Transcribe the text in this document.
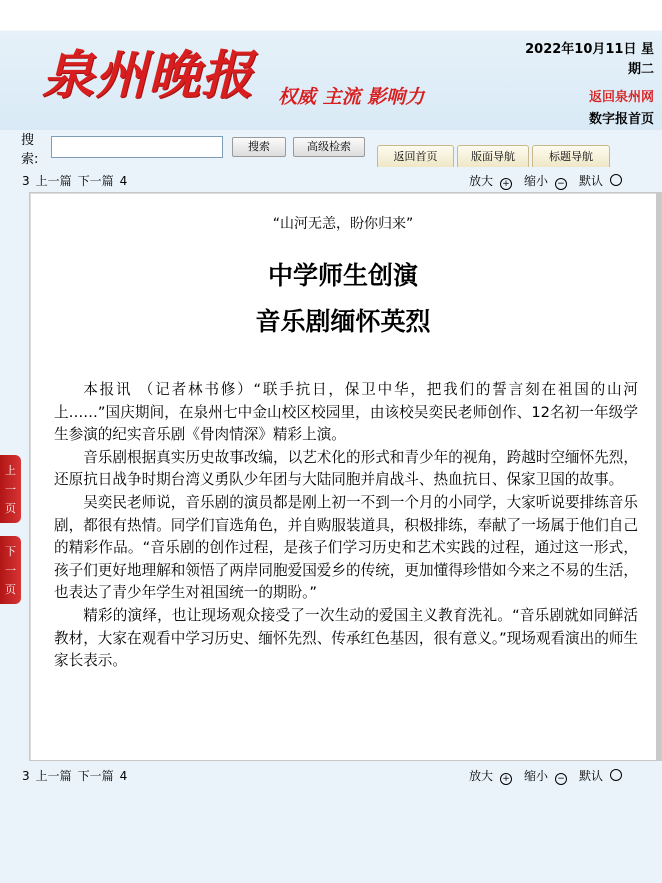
泉州晚报 权威 主流 影响力
2022年10月11日 星期二
返回泉州网
数字报首页
搜索:
搜索	高级检索
返回首页	版面导航	标题导航
3 上一篇 下一篇 4	放大 + 缩小 − 默认
“山河无恙，盼你归来”
中学师生创演
音乐剧缅怀英烈

本报讯 （记者林书修）“联手抗日，保卫中华，把我们的誓言刻在祖国的山河上……”国庆期间，在泉州七中金山校区校园里，由该校吴奕民老师创作、12名初一年级学生参演的纪实音乐剧《骨肉情深》精彩上演。

音乐剧根据真实历史故事改编，以艺术化的形式和青少年的视角，跨越时空缅怀先烈，还原抗日战争时期台湾义勇队少年团与大陆同胞并肩战斗、热血抗日、保家卫国的故事。

吴奕民老师说，音乐剧的演员都是刚上初一不到一个月的小同学，大家听说要排练音乐剧，都很有热情。同学们盲选角色，并自购服装道具，积极排练，奉献了一场属于他们自己的精彩作品。“音乐剧的创作过程，是孩子们学习历史和艺术实践的过程，通过这一形式，孩子们更好地理解和领悟了两岸同胞爱国爱乡的传统，更加懂得珍惜如今来之不易的生活，也表达了青少年学生对祖国统一的期盼。”

精彩的演绎，也让现场观众接受了一次生动的爱国主义教育洗礼。“音乐剧就如同鲜活教材，大家在观看中学习历史、缅怀先烈、传承红色基因，很有意义。”现场观看演出的师生家长表示。

上一页
下一页
3 上一篇 下一篇 4	放大 + 缩小 − 默认
